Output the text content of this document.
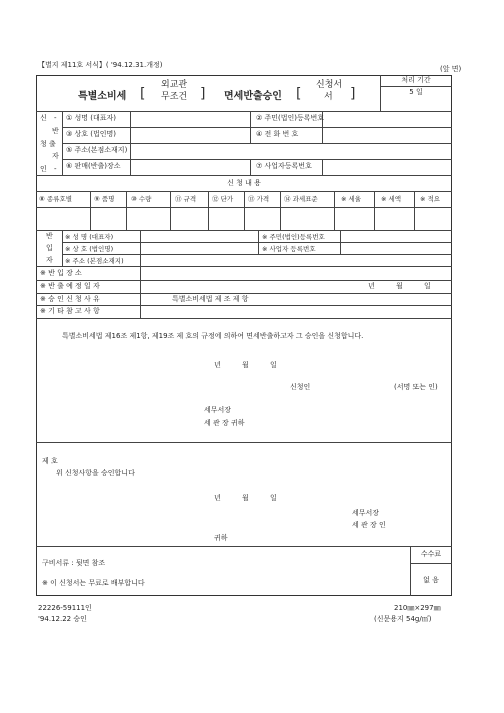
【별지 제11호 서식】( '94.12.31.개정)	(앞 면)
특별소비세 [
외교관
무조건 ] 면세반출승인 [
신청서
서 ]
처리 기간
5 일
신 -
반
청 출
자
인 -
① 성명 (대표자)	② 주민(법인)등록번호
③ 상호 (법인명)	④ 전 화 번 호
⑤ 주소(본점소재지)
⑥ 판매(반출)장소	⑦ 사업자등록번호
신 청 내 용
⑧ 종류호별	⑨ 품명	⑩ 수량	⑪ 규격 ⑫ 단가 ⑬ 가격 ⑭ 과세표준	※ 세율	※ 세액	※ 적요
반
입
자
※ 성 명 (대표자)	※ 주민(법인)등록번호
※ 상 호 (법인명)	※ 사업자 등록번호
※ 주소 (본점소재지)
※ 반 입 장 소
※ 반 출 예 정 일 자	년	월	일
※ 승 인 신 청 사 유	특별소비세법 제 조 제 항
※ 기 타 참 고 사 항
특별소비세법 제16조 제1항, 제19조 제 호의 규정에 의하여 면세반출하고자 그 승인을 신청합니다.
년	월	일
신청인	(서명 또는 인)
세무서장
세 관 장 귀하
제 호
위 신청사항을 승인합니다
년	월	일
세무서장
세 관 장 인
귀하
구비서류 : 뒷면 참조
※ 이 신청서는 무료로 배부합니다
수수료
없 음
22226-59111인
'94.12.22 승인
210㎜×297㎜
(신문용지 54g/㎡)
